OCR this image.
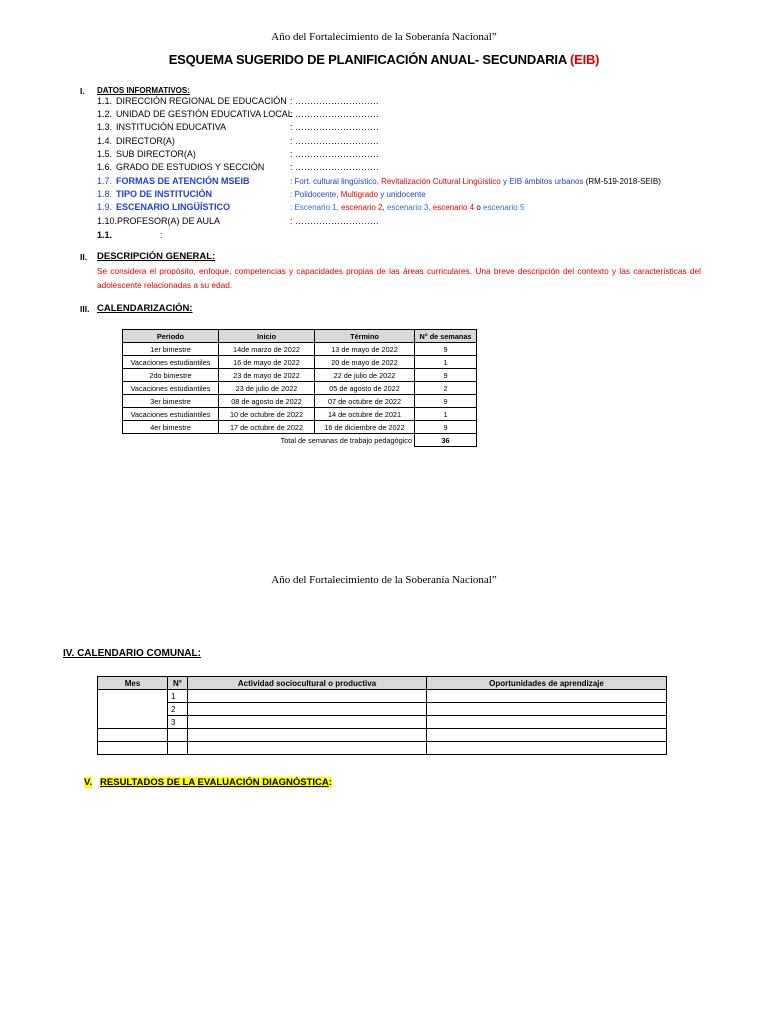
Año del Fortalecimiento de la Soberanía Nacional”
ESQUEMA SUGERIDO DE PLANIFICACIÓN ANUAL- SECUNDARIA (EIB)
I. DATOS INFORMATIVOS:
1.1. DIRECCIÓN REGIONAL DE EDUCACIÓN : ……………………….
1.2. UNIDAD DE GESTIÓN EDUCATIVA LOCAL
: ……………………….
1.3. INSTITUCIÓN EDUCATIVA	: ……………………….
1.4. DIRECTOR(A)	: ……………………….
1.5. SUB DIRECTOR(A)	: ……………………….
1.6. GRADO DE ESTUDIOS Y SECCIÓN	: ……………………….
1.7. FORMAS DE ATENCIÓN MSEIB	: Fort. cultural lingüístico, Revitalización Cultural Lingüístico y EIB ámbitos urbanos (RM-519-2018-SEIB)
1.8. TIPO DE INSTITUCIÓN	: Polidocente, Multigrado y unidocente
1.9. ESCENARIO LINGÜÍSTICO	: Escenario 1, escenario 2, escenario 3, escenario 4 o escenario 5
1.10.PROFESOR(A) DE AULA	: ……………………….
1.1.	:
II. DESCRIPCIÓN GENERAL:
Se considera el propósito, enfoque, competencias y capacidades propias de las áreas curriculares. Una breve descripción del contexto y las características del adolescente relacionadas a su edad.
III. CALENDARIZACIÓN:
Periodo	Inicio	Término	N° de semanas
1er bimestre	14de marzo de 2022	13 de mayo de 2022	9
Vacaciones estudiantiles	16 de mayo de 2022	20 de mayo de 2022	1
2do bimestre	23 de mayo de 2022	22 de julio de 2022	9
Vacaciones estudiantiles	23 de julio de 2022	05 de agosto de 2022	2
3er bimestre	08 de agosto de 2022	07 de octubre de 2022	9
Vacaciones estudiantiles	10 de octubre de 2022	14 de octubre de 2021	1
4er bimestre	17 de octubre de 2022	16 de diciembre de 2022	9
Total de semanas de trabajo pedagógico			36
Año del Fortalecimiento de la Soberanía Nacional”
IV. CALENDARIO COMUNAL:
Mes	N°	Actividad sociocultural o productiva	Oportunidades de aprendizaje
	1		
	2		
	3		

V. RESULTADOS DE LA EVALUACIÓN DIAGNÓSTICA:
